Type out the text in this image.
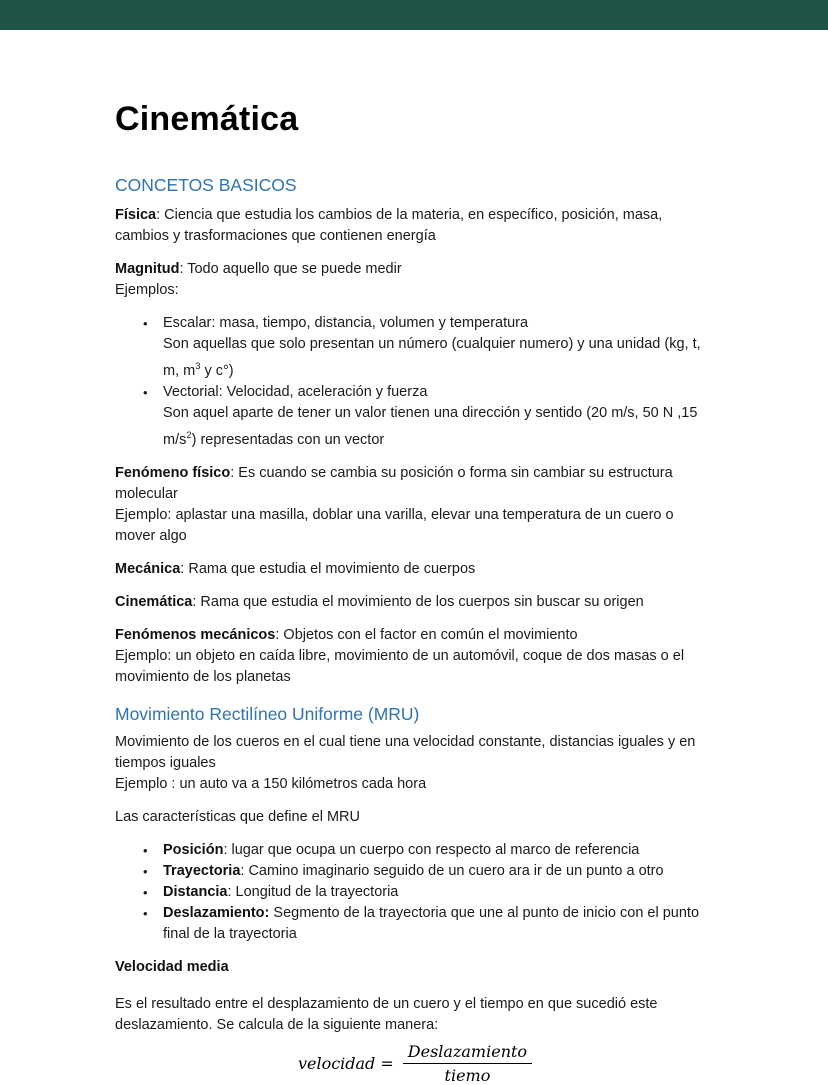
Cinemática
CONCETOS BASICOS
Física: Ciencia que estudia los cambios de la materia, en específico, posición, masa, cambios y trasformaciones que contienen energía
Magnitud: Todo aquello que se puede medir
Ejemplos:
•	Escalar: masa, tiempo, distancia, volumen y temperatura
Son aquellas que solo presentan un número (cualquier numero) y una unidad (kg, t, m, $m^3$ y c°)
•	Vectorial: Velocidad, aceleración y fuerza
Son aquel aparte de tener un valor tienen una dirección y sentido (20 m/s, 50 N ,15 $m/s^2$) representadas con un vector
Fenómeno físico: Es cuando se cambia su posición o forma sin cambiar su estructura molecular
Ejemplo: aplastar una masilla, doblar una varilla, elevar una temperatura de un cuero o mover algo
Mecánica: Rama que estudia el movimiento de cuerpos
Cinemática: Rama que estudia el movimiento de los cuerpos sin buscar su origen
Fenómenos mecánicos: Objetos con el factor en común el movimiento
Ejemplo: un objeto en caída libre, movimiento de un automóvil, coque de dos masas o el movimiento de los planetas
Movimiento Rectilíneo Uniforme (MRU)
Movimiento de los cueros en el cual tiene una velocidad constante, distancias iguales y en tiempos iguales
Ejemplo : un auto va a 150 kilómetros cada hora
Las características que define el MRU
•	Posición: lugar que ocupa un cuerpo con respecto al marco de referencia
•	Trayectoria: Camino imaginario seguido de un cuero ara ir de un punto a otro
•	Distancia: Longitud de la trayectoria
•	Deslazamiento: Segmento de la trayectoria que une al punto de inicio con el punto final de la trayectoria
Velocidad media
Es el resultado entre el desplazamiento de un cuero y el tiempo en que sucedió este deslazamiento. Se calcula de la siguiente manera:
velocidad = $\frac{\text{Deslazamiento}}{\text{tiemo}}$
